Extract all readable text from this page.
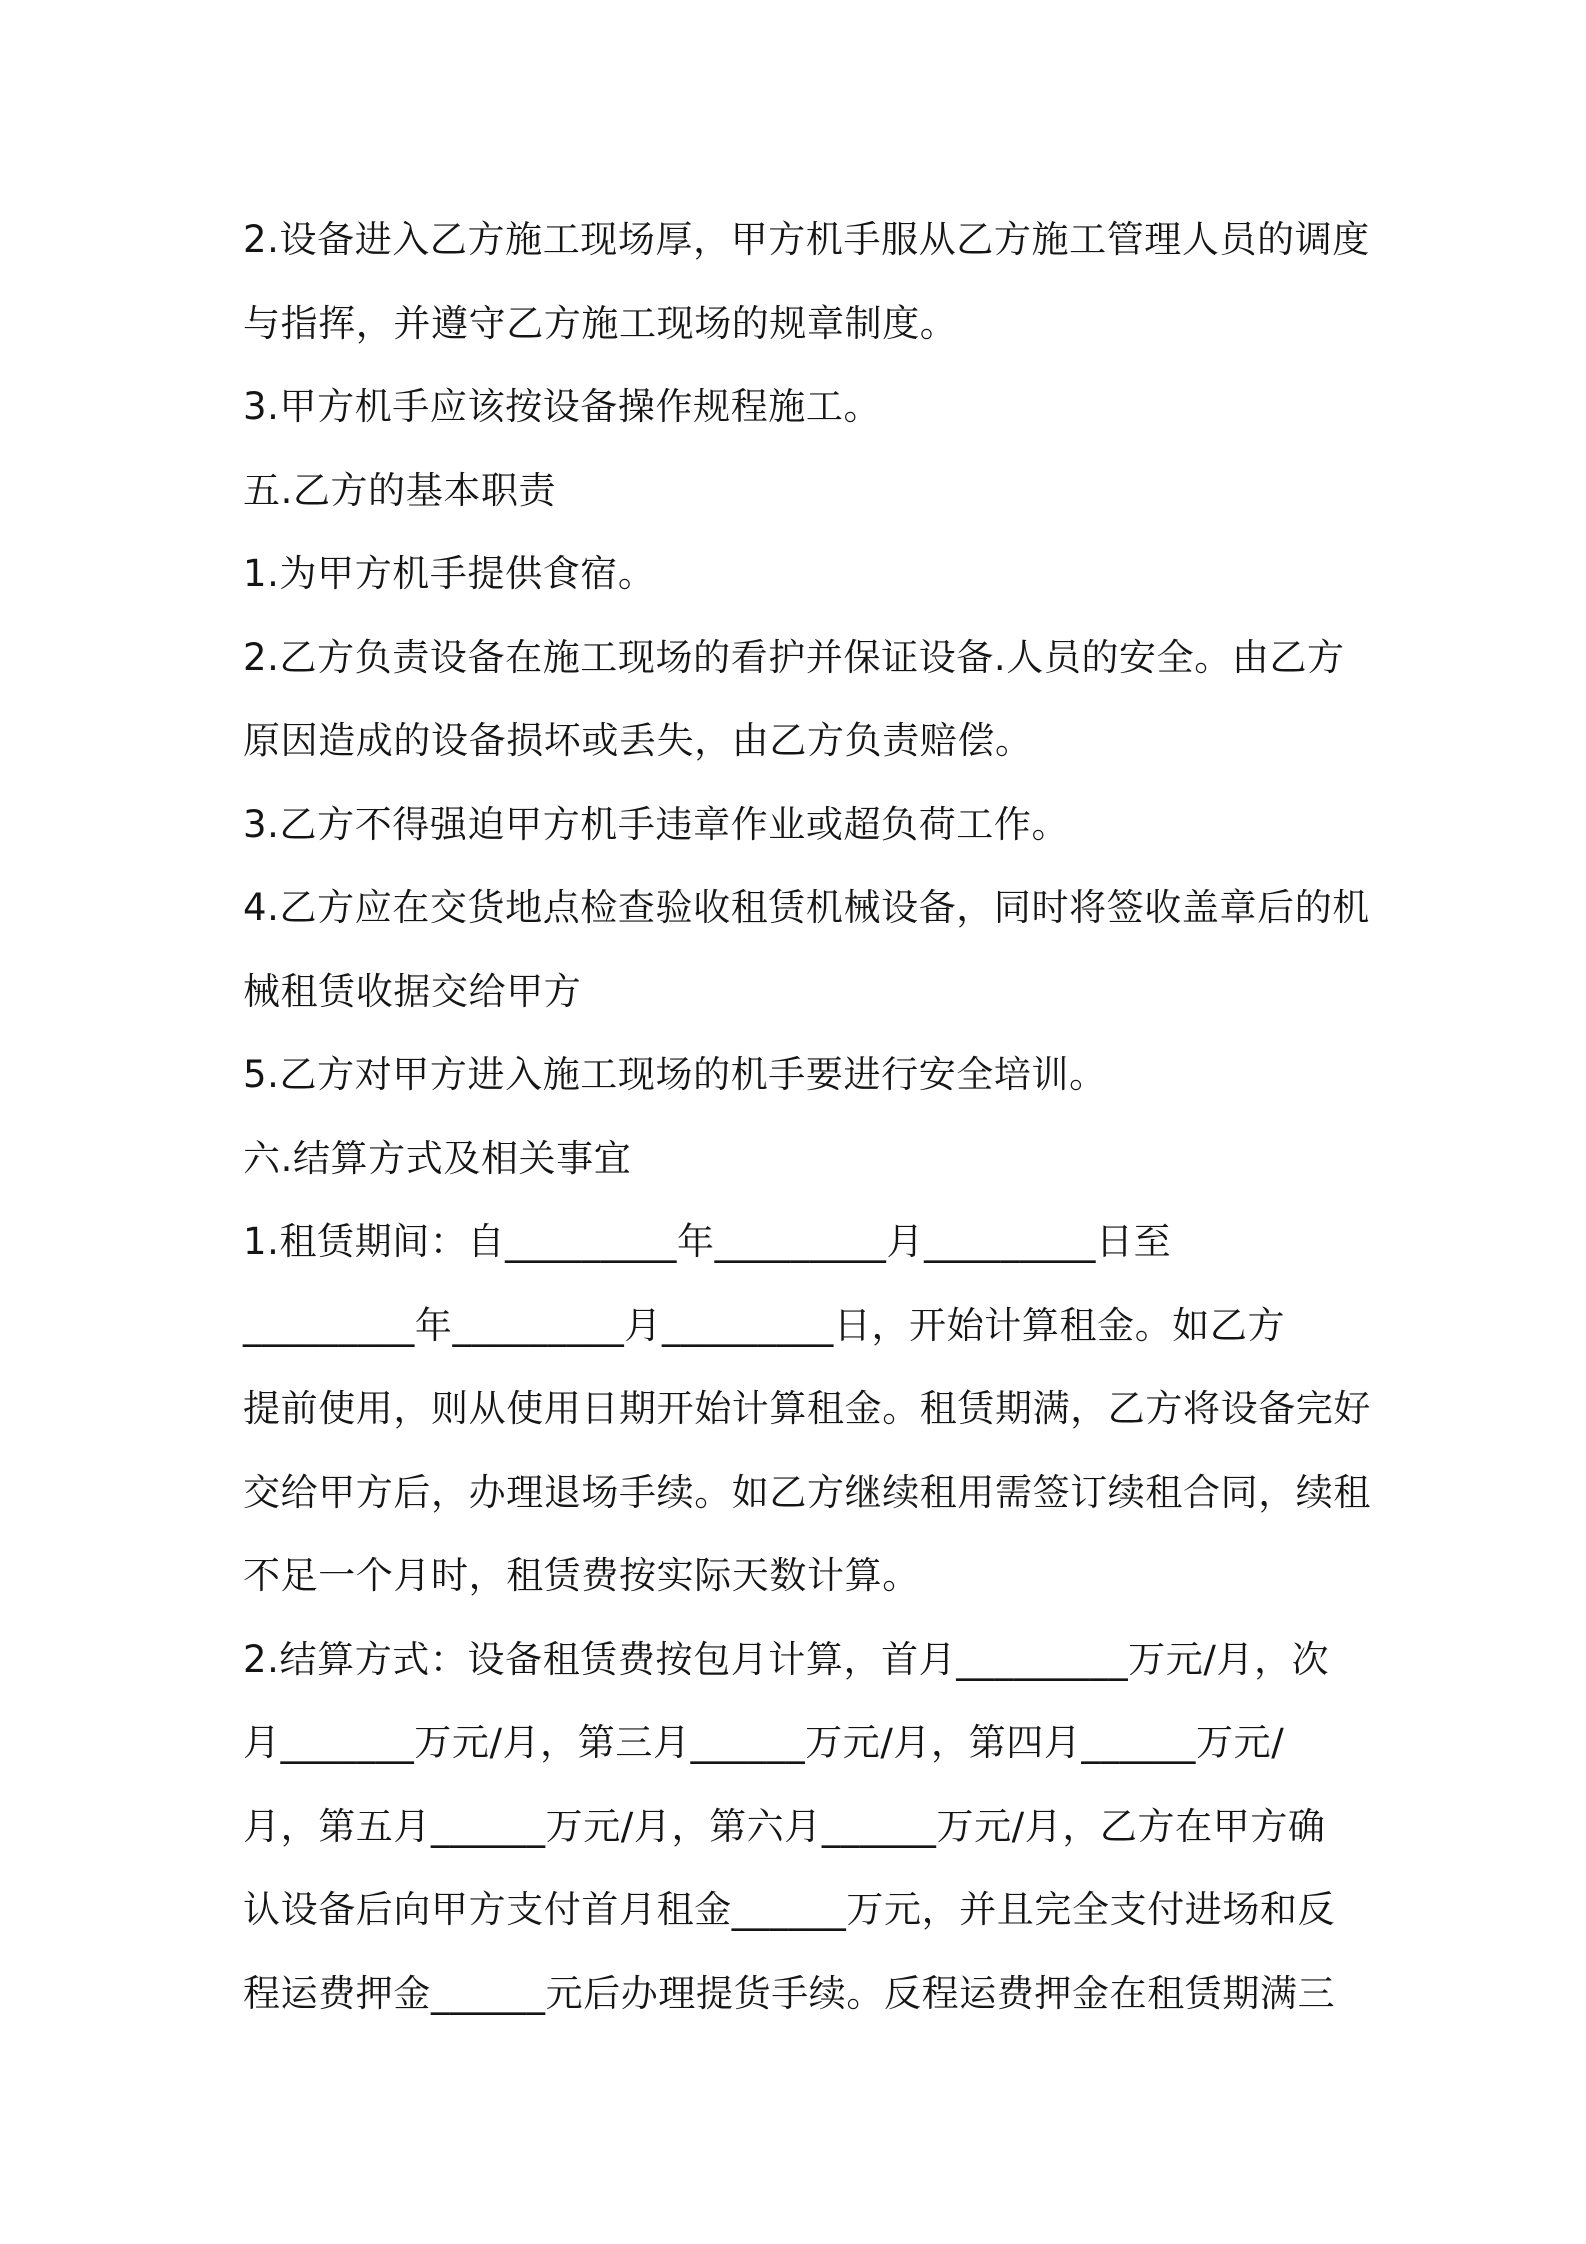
2.设备进入乙方施工现场厚，甲方机手服从乙方施工管理人员的调度
与指挥，并遵守乙方施工现场的规章制度。
3.甲方机手应该按设备操作规程施工。
五.乙方的基本职责
1.为甲方机手提供食宿。
2.乙方负责设备在施工现场的看护并保证设备.人员的安全。由乙方
原因造成的设备损坏或丢失，由乙方负责赔偿。
3.乙方不得强迫甲方机手违章作业或超负荷工作。
4.乙方应在交货地点检查验收租赁机械设备，同时将签收盖章后的机
械租赁收据交给甲方
5.乙方对甲方进入施工现场的机手要进行安全培训。
六.结算方式及相关事宜
1.租赁期间：自_________年_________月_________日至
_________年_________月_________日，开始计算租金。如乙方
提前使用，则从使用日期开始计算租金。租赁期满，乙方将设备完好
交给甲方后，办理退场手续。如乙方继续租用需签订续租合同，续租
不足一个月时，租赁费按实际天数计算。
2.结算方式：设备租赁费按包月计算，首月_________万元/月，次
月_______万元/月，第三月______万元/月，第四月______万元/
月，第五月______万元/月，第六月______万元/月，乙方在甲方确
认设备后向甲方支付首月租金______万元，并且完全支付进场和反
程运费押金______元后办理提货手续。反程运费押金在租赁期满三
